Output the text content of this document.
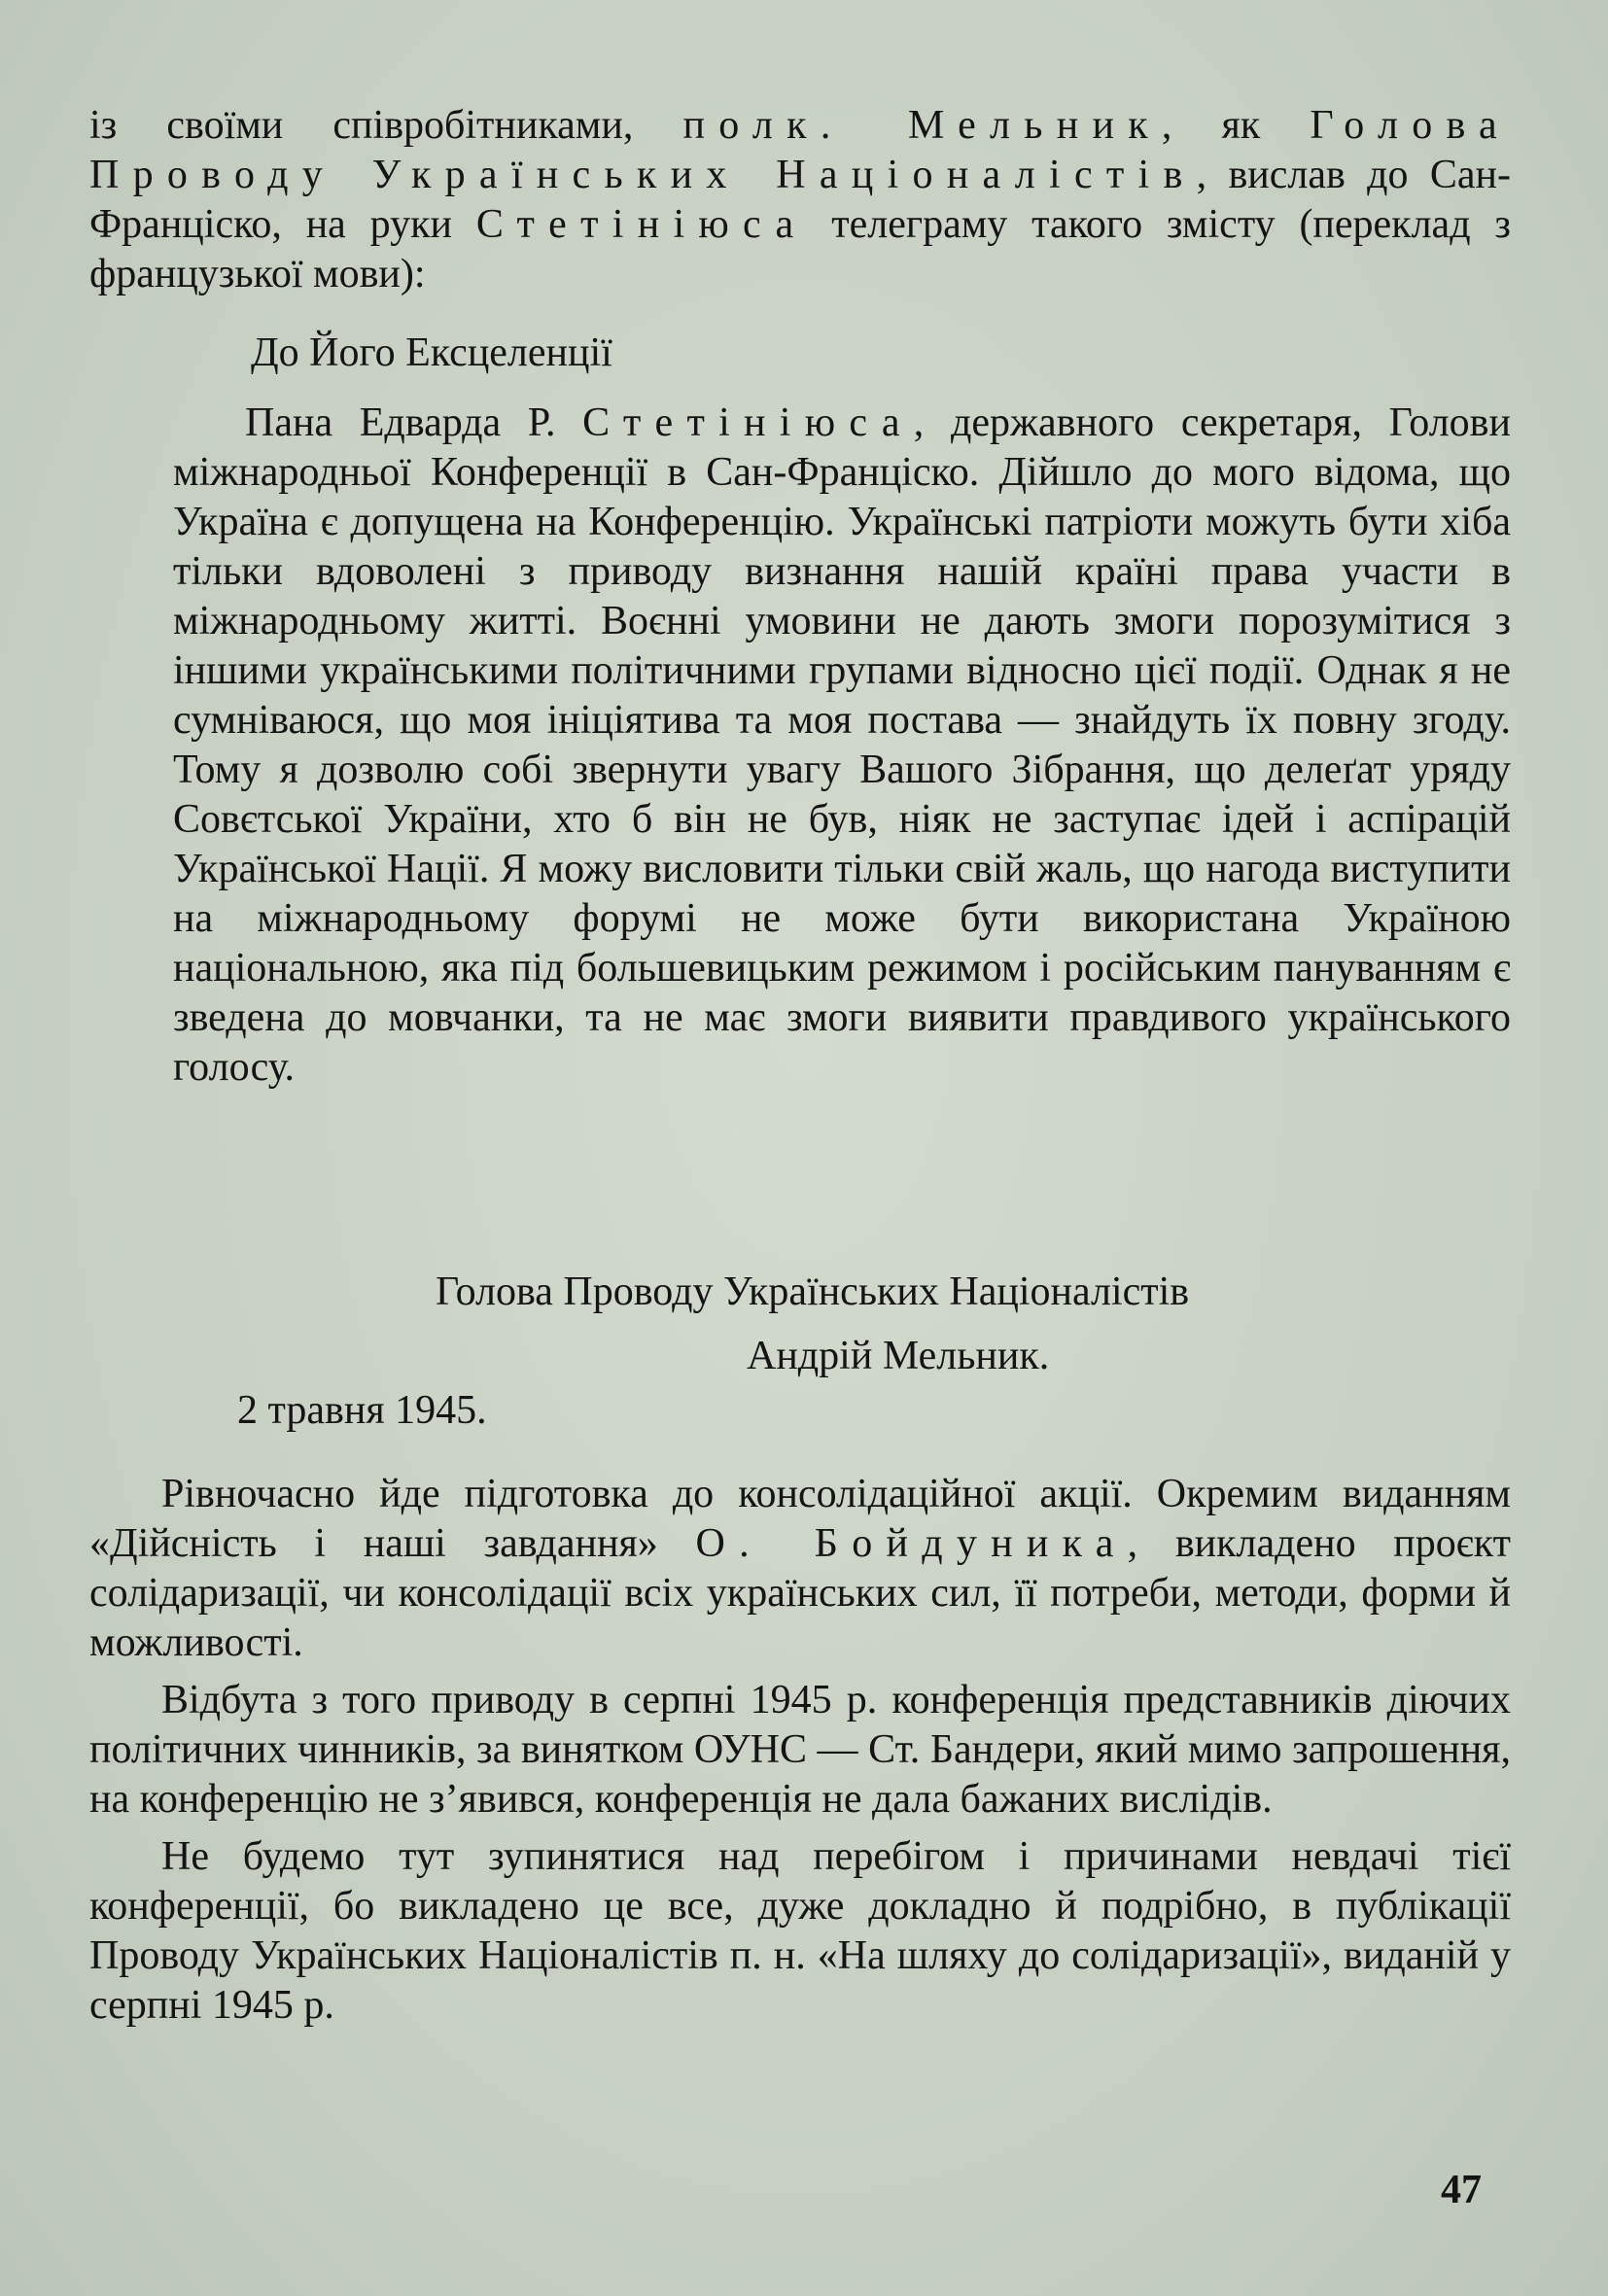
із своїми співробітниками, полк. Мельник, як Голова Проводу Українських Націоналістів, вислав до Сан-Франціско, на руки Стетініюса телеграму такого змісту (переклад з французької мови):

До Його Ексцеленції

Пана Едварда Р. Стетініюса, державного секретаря, Голови міжнародньої Конференції в Сан-Франціско. Дійшло до мого відома, що Україна є допущена на Конференцію. Українські патріоти можуть бути хіба тільки вдоволені з приводу визнання нашій країні права участи в міжнародньому житті. Воєнні умовини не дають змоги порозумітися з іншими українськими політичними групами відносно цієї події. Однак я не сумніваюся, що моя ініціятива та моя постава — знайдуть їх повну згоду. Тому я дозволю собі звернути увагу Вашого Зібрання, що делеґат уряду Совєтської України, хто б він не був, ніяк не заступає ідей і аспірацій Української Нації. Я можу висловити тільки свій жаль, що нагода виступити на міжнародньому форумі не може бути використана Україною національною, яка під большевицьким режимом і російським пануванням є зведена до мовчанки, та не має змоги виявити правдивого українського голосу.

Голова Проводу Українських Націоналістів
Андрій Мельник.
2 травня 1945.

Рівночасно йде підготовка до консолідаційної акції. Окремим виданням «Дійсність і наші завдання» О. Бойдуника, викладено проєкт солідаризації, чи консолідації всіх українських сил, її потреби, методи, форми й можливості.

Відбута з того приводу в серпні 1945 р. конференція представників діючих політичних чинників, за винятком ОУНС — Ст. Бандери, який мимо запрошення, на конференцію не з’явився, конференція не дала бажаних вислідів.

Не будемо тут зупинятися над перебігом і причинами невдачі тієї конференції, бо викладено це все, дуже докладно й подрібно, в публікації Проводу Українських Націоналістів п. н. «На шляху до солідаризації», виданій у серпні 1945 р.

47
